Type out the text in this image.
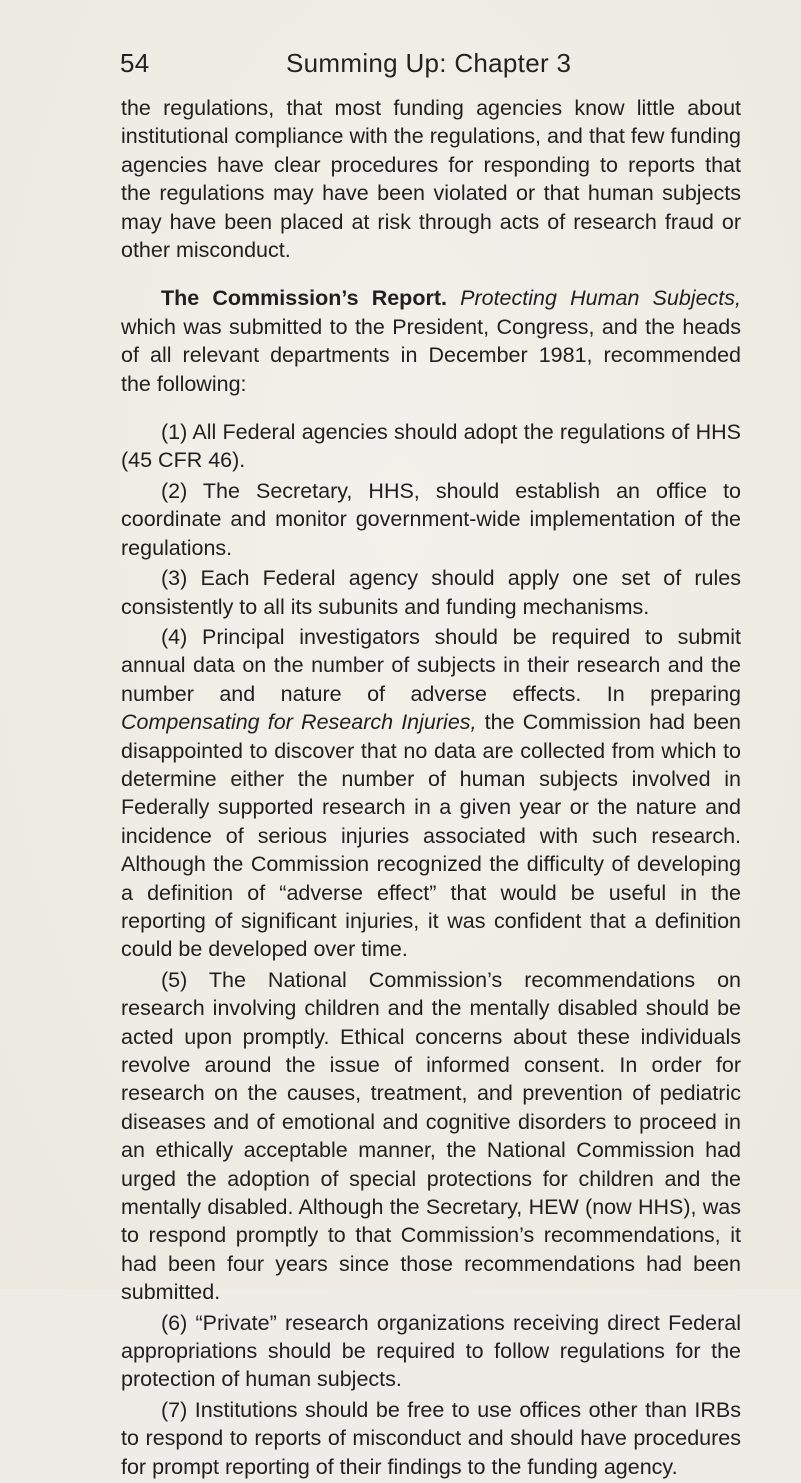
54	Summing Up: Chapter 3

the regulations, that most funding agencies know little about institutional compliance with the regulations, and that few funding agencies have clear procedures for responding to reports that the regulations may have been violated or that human subjects may have been placed at risk through acts of research fraud or other misconduct.

The Commission’s Report. Protecting Human Subjects, which was submitted to the President, Congress, and the heads of all relevant departments in December 1981, recommended the following:

(1) All Federal agencies should adopt the regulations of HHS (45 CFR 46).

(2) The Secretary, HHS, should establish an office to coordinate and monitor government-wide implementation of the regulations.

(3) Each Federal agency should apply one set of rules consistently to all its subunits and funding mechanisms.

(4) Principal investigators should be required to submit annual data on the number of subjects in their research and the number and nature of adverse effects. In preparing Compensating for Research Injuries, the Commission had been disappointed to discover that no data are collected from which to determine either the number of human subjects involved in Federally supported research in a given year or the nature and incidence of serious injuries associated with such research. Although the Commission recognized the difficulty of developing a definition of “adverse effect” that would be useful in the reporting of significant injuries, it was confident that a definition could be developed over time.

(5) The National Commission’s recommendations on research involving children and the mentally disabled should be acted upon promptly. Ethical concerns about these individuals revolve around the issue of informed consent. In order for research on the causes, treatment, and prevention of pediatric diseases and of emotional and cognitive disorders to proceed in an ethically acceptable manner, the National Commission had urged the adoption of special protections for children and the mentally disabled. Although the Secretary, HEW (now HHS), was to respond promptly to that Commission’s recommendations, it had been four years since those recommendations had been submitted.

(6) “Private” research organizations receiving direct Federal appropriations should be required to follow regulations for the protection of human subjects.

(7) Institutions should be free to use offices other than IRBs to respond to reports of misconduct and should have procedures for prompt reporting of their findings to the funding agency.
